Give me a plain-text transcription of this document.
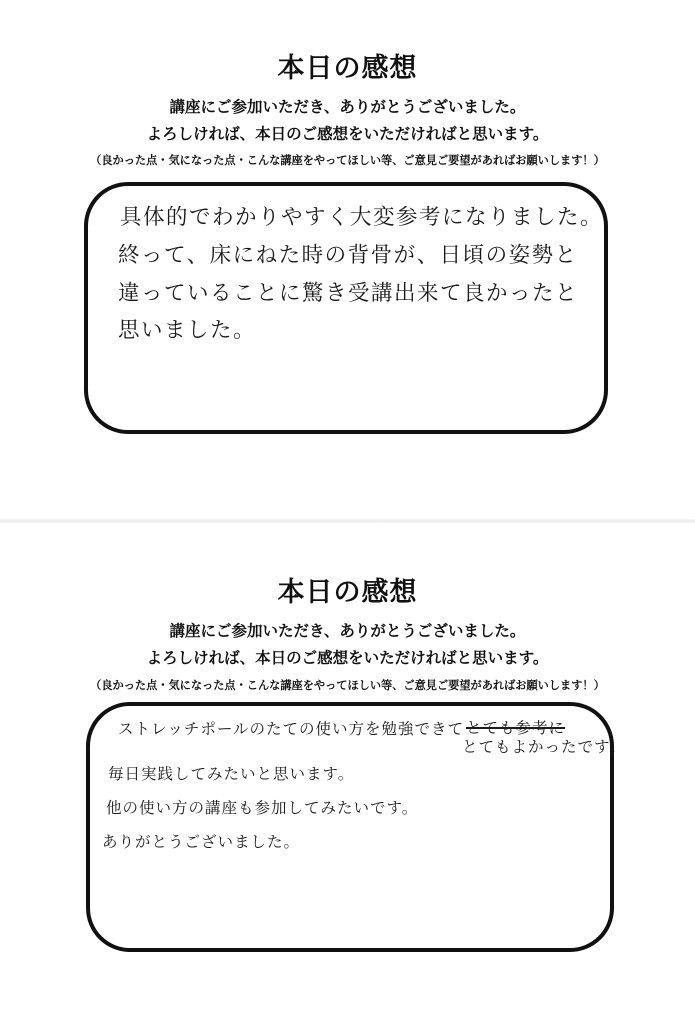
本日の感想
講座にご参加いただき、ありがとうございました。
よろしければ、本日のご感想をいただければと思います。
（良かった点・気になった点・こんな講座をやってほしい等、ご意見ご要望があればお願いします！）
具体的でわかりやすく大変参考になりました。
終って、床にねた時の背骨が、日頃の姿勢と
違っていることに驚き受講出来て良かったと
思いました。
本日の感想
講座にご参加いただき、ありがとうございました。
よろしければ、本日のご感想をいただければと思います。
（良かった点・気になった点・こんな講座をやってほしい等、ご意見ご要望があればお願いします！）
ストレッチポールのたての使い方を勉強できて とても参考に
とてもよかったです。
毎日実践してみたいと思います。
他の使い方の講座も参加してみたいです。
ありがとうございました。
